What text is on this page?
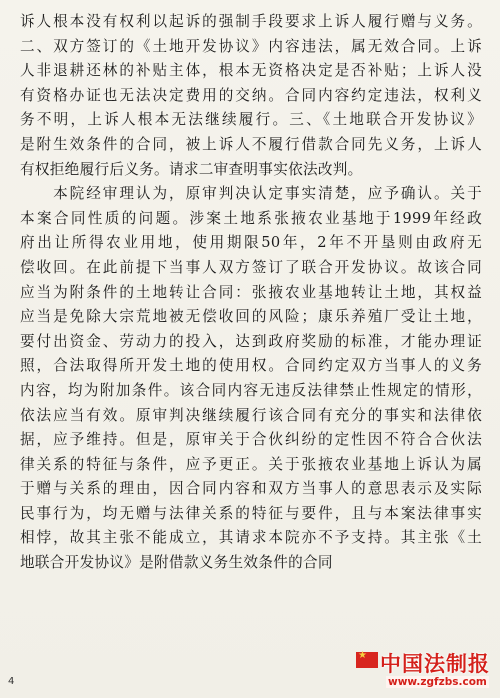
诉人根本没有权利以起诉的强制手段要求上诉人履行赠与义务。
二、双方签订的《土地开发协议》内容违法，属无效合同。上诉
人非退耕还林的补贴主体，根本无资格决定是否补贴；上诉人没
有资格办证也无法决定费用的交纳。合同内容约定违法，权利义
务不明，上诉人根本无法继续履行。三、《土地联合开发协议》
是附生效条件的合同，被上诉人不履行借款合同先义务，上诉人
有权拒绝履行后义务。请求二审查明事实依法改判。
　　本院经审理认为，原审判决认定事实清楚，应予确认。关于
本案合同性质的问题。涉案土地系张掖农业基地于1999年经政
府出让所得农业用地，使用期限50年，2年不开垦则由政府无
偿收回。在此前提下当事人双方签订了联合开发协议。故该合同
应当为附条件的土地转让合同：张掖农业基地转让土地，其权益
应当是免除大宗荒地被无偿收回的风险；康乐养殖厂受让土地，
要付出资金、劳动力的投入，达到政府奖励的标准，才能办理证
照，合法取得所开发土地的使用权。合同约定双方当事人的义务
内容，均为附加条件。该合同内容无违反法律禁止性规定的情形，
依法应当有效。原审判决继续履行该合同有充分的事实和法律依
据，应予维持。但是，原审关于合伙纠纷的定性因不符合合伙法
律关系的特征与条件，应予更正。关于张掖农业基地上诉认为属
于赠与关系的理由，因合同内容和双方当事人的意思表示及实际
民事行为，均无赠与法律关系的特征与要件，且与本案法律事实
相悖，故其主张不能成立，其请求本院亦不予支持。其主张《土
地联合开发协议》是附借款义务生效条件的合同
4
★ 中国法制报
www.zgfzbs.com
